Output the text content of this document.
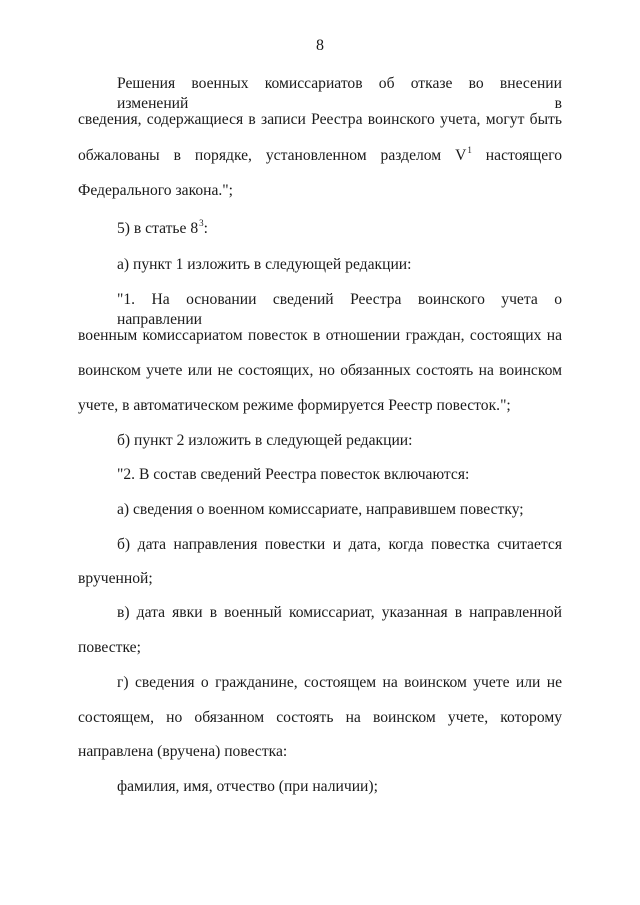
8
Решения военных комиссариатов об отказе во внесении изменений в
сведения, содержащиеся в записи Реестра воинского учета, могут быть
обжалованы в порядке, установленном разделом $V^1$ настоящего
Федерального закона.";
5) в статье $8^3$:
а) пункт 1 изложить в следующей редакции:
"1. На основании сведений Реестра воинского учета о направлении
военным комиссариатом повесток в отношении граждан, состоящих на
воинском учете или не состоящих, но обязанных состоять на воинском
учете, в автоматическом режиме формируется Реестр повесток.";
б) пункт 2 изложить в следующей редакции:
"2. В состав сведений Реестра повесток включаются:
а) сведения о военном комиссариате, направившем повестку;
б) дата направления повестки и дата, когда повестка считается
врученной;
в) дата явки в военный комиссариат, указанная в направленной
повестке;
г) сведения о гражданине, состоящем на воинском учете или не
состоящем, но обязанном состоять на воинском учете, которому
направлена (вручена) повестка:
фамилия, имя, отчество (при наличии);
